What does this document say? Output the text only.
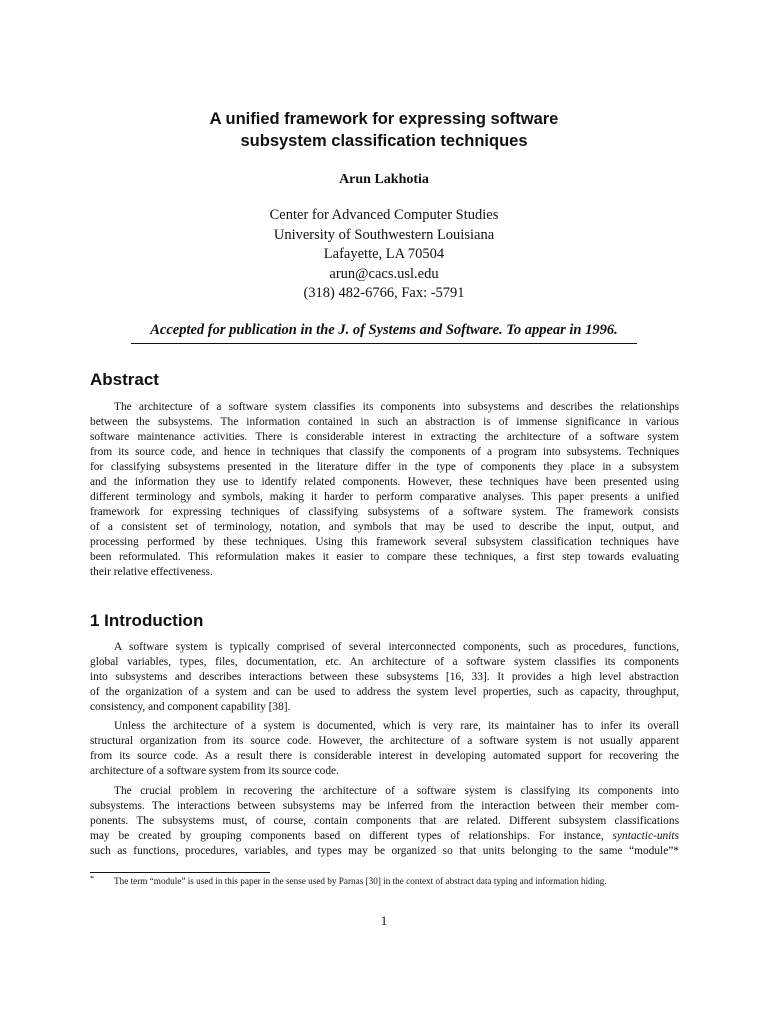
A unified framework for expressing software
subsystem classification techniques
Arun Lakhotia
Center for Advanced Computer Studies
University of Southwestern Louisiana
Lafayette, LA 70504
arun@cacs.usl.edu
(318) 482-6766, Fax: -5791
Accepted for publication in the J. of Systems and Software. To appear in 1996.
Abstract
The architecture of a software system classifies its components into subsystems and describes the relationships
between the subsystems. The information contained in such an abstraction is of immense significance in various
software maintenance activities. There is considerable interest in extracting the architecture of a software system
from its source code, and hence in techniques that classify the components of a program into subsystems. Techniques
for classifying subsystems presented in the literature differ in the type of components they place in a subsystem
and the information they use to identify related components. However, these techniques have been presented using
different terminology and symbols, making it harder to perform comparative analyses. This paper presents a unified
framework for expressing techniques of classifying subsystems of a software system. The framework consists
of a consistent set of terminology, notation, and symbols that may be used to describe the input, output, and
processing performed by these techniques. Using this framework several subsystem classification techniques have
been reformulated. This reformulation makes it easier to compare these techniques, a first step towards evaluating
their relative effectiveness.
1 Introduction
A software system is typically comprised of several interconnected components, such as procedures, functions,
global variables, types, files, documentation, etc. An architecture of a software system classifies its components
into subsystems and describes interactions between these subsystems [16, 33]. It provides a high level abstraction
of the organization of a system and can be used to address the system level properties, such as capacity, throughput,
consistency, and component capability [38].
Unless the architecture of a system is documented, which is very rare, its maintainer has to infer its overall
structural organization from its source code. However, the architecture of a software system is not usually apparent
from its source code. As a result there is considerable interest in developing automated support for recovering the
architecture of a software system from its source code.
The crucial problem in recovering the architecture of a software system is classifying its components into
subsystems. The interactions between subsystems may be inferred from the interaction between their member com-
ponents. The subsystems must, of course, contain components that are related. Different subsystem classifications
may be created by grouping components based on different types of relationships. For instance, syntactic-units
such as functions, procedures, variables, and types may be organized so that units belonging to the same “module”*
* The term “module” is used in this paper in the sense used by Parnas [30] in the context of abstract data typing and information hiding.
1
